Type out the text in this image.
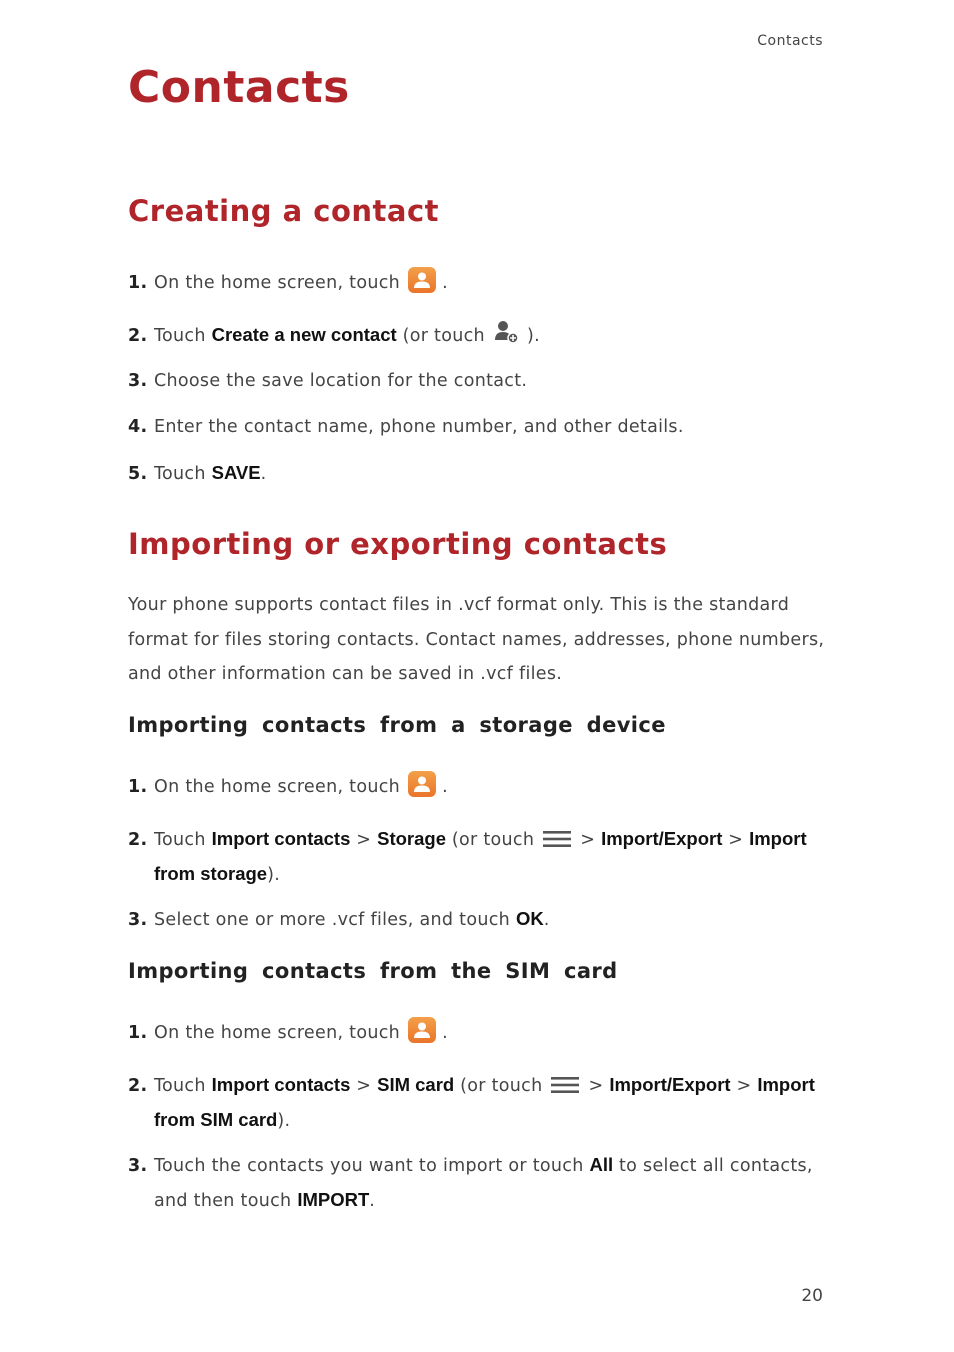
Contacts
Contacts
Creating a contact
1. On the home screen, touch .
2. Touch Create a new contact (or touch ).
3. Choose the save location for the contact.
4. Enter the contact name, phone number, and other details.
5. Touch SAVE.
Importing or exporting contacts

Your phone supports contact files in .vcf format only. This is the standard format for files storing contacts. Contact names, addresses, phone numbers, and other information can be saved in .vcf files.

Importing contacts from a storage device
1. On the home screen, touch .
2. Touch Import contacts > Storage (or touch	> Import/Export > Import
from storage).
3. Select one or more .vcf files, and touch OK.
Importing contacts from the SIM card
1. On the home screen, touch .
2. Touch Import contacts > SIM card (or touch	> Import/Export > Import
from SIM card).
3. Touch the contacts you want to import or touch All to select all contacts,
and then touch IMPORT.
20
